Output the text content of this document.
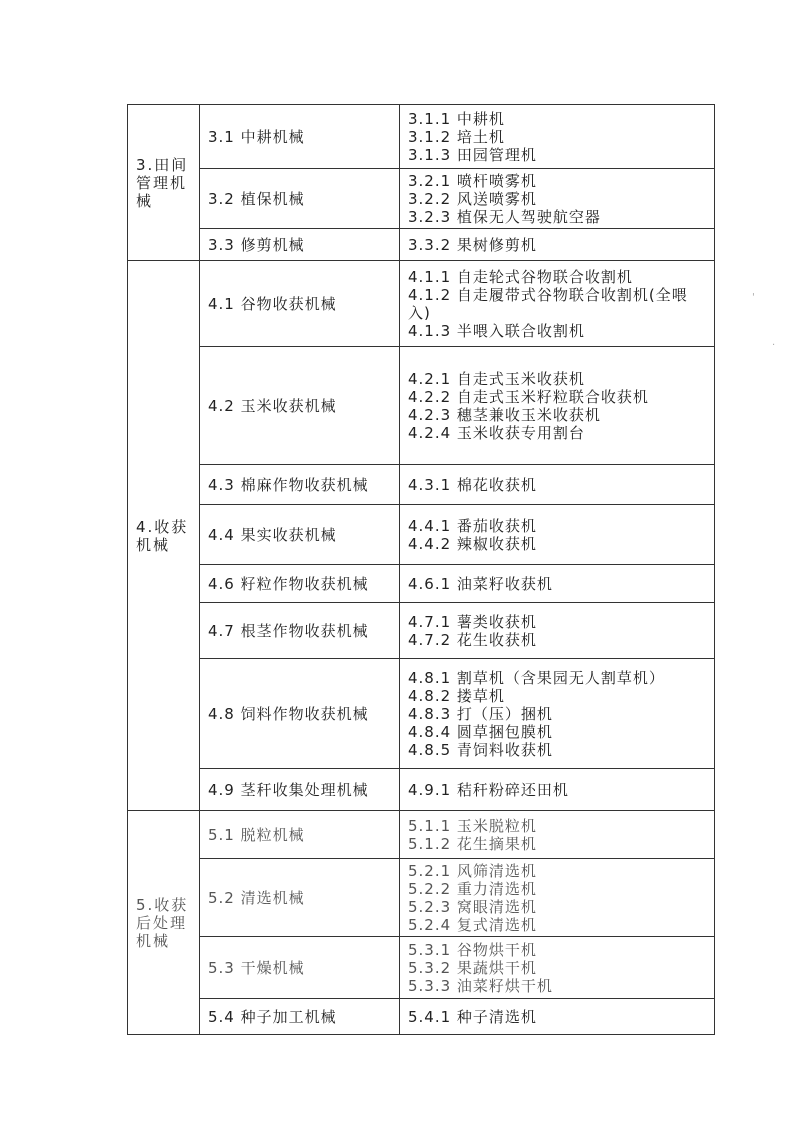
3.田间管理机械	3.1 中耕机械	3.1.1 中耕机
3.1.2 培土机
3.1.3 田园管理机

	3.2 植保机械	3.2.1 喷杆喷雾机
3.2.2 风送喷雾机
3.2.3 植保无人驾驶航空器

	3.3 修剪机械	3.3.2 果树修剪机

4.收获机械	4.1 谷物收获机械	4.1.1 自走轮式谷物联合收割机
4.1.2 自走履带式谷物联合收割机(全喂入)
4.1.3 半喂入联合收割机

	4.2 玉米收获机械	4.2.1 自走式玉米收获机
4.2.2 自走式玉米籽粒联合收获机
4.2.3 穗茎兼收玉米收获机
4.2.4 玉米收获专用割台

	4.3 棉麻作物收获机械	4.3.1 棉花收获机

	4.4 果实收获机械	4.4.1 番茄收获机
4.4.2 辣椒收获机

	4.6 籽粒作物收获机械	4.6.1 油菜籽收获机

	4.7 根茎作物收获机械	4.7.1 薯类收获机
4.7.2 花生收获机

	4.8 饲料作物收获机械	4.8.1 割草机（含果园无人割草机）
4.8.2 搂草机
4.8.3 打（压）捆机
4.8.4 圆草捆包膜机
4.8.5 青饲料收获机

	4.9 茎秆收集处理机械	4.9.1 秸秆粉碎还田机

5.收获后处理机械	5.1 脱粒机械	5.1.1 玉米脱粒机
5.1.2 花生摘果机

	5.2 清选机械	5.2.1 风筛清选机
5.2.2 重力清选机
5.2.3 窝眼清选机
5.2.4 复式清选机

	5.3 干燥机械	5.3.1 谷物烘干机
5.3.2 果蔬烘干机
5.3.3 油菜籽烘干机

	5.4 种子加工机械	5.4.1 种子清选机
'
·
